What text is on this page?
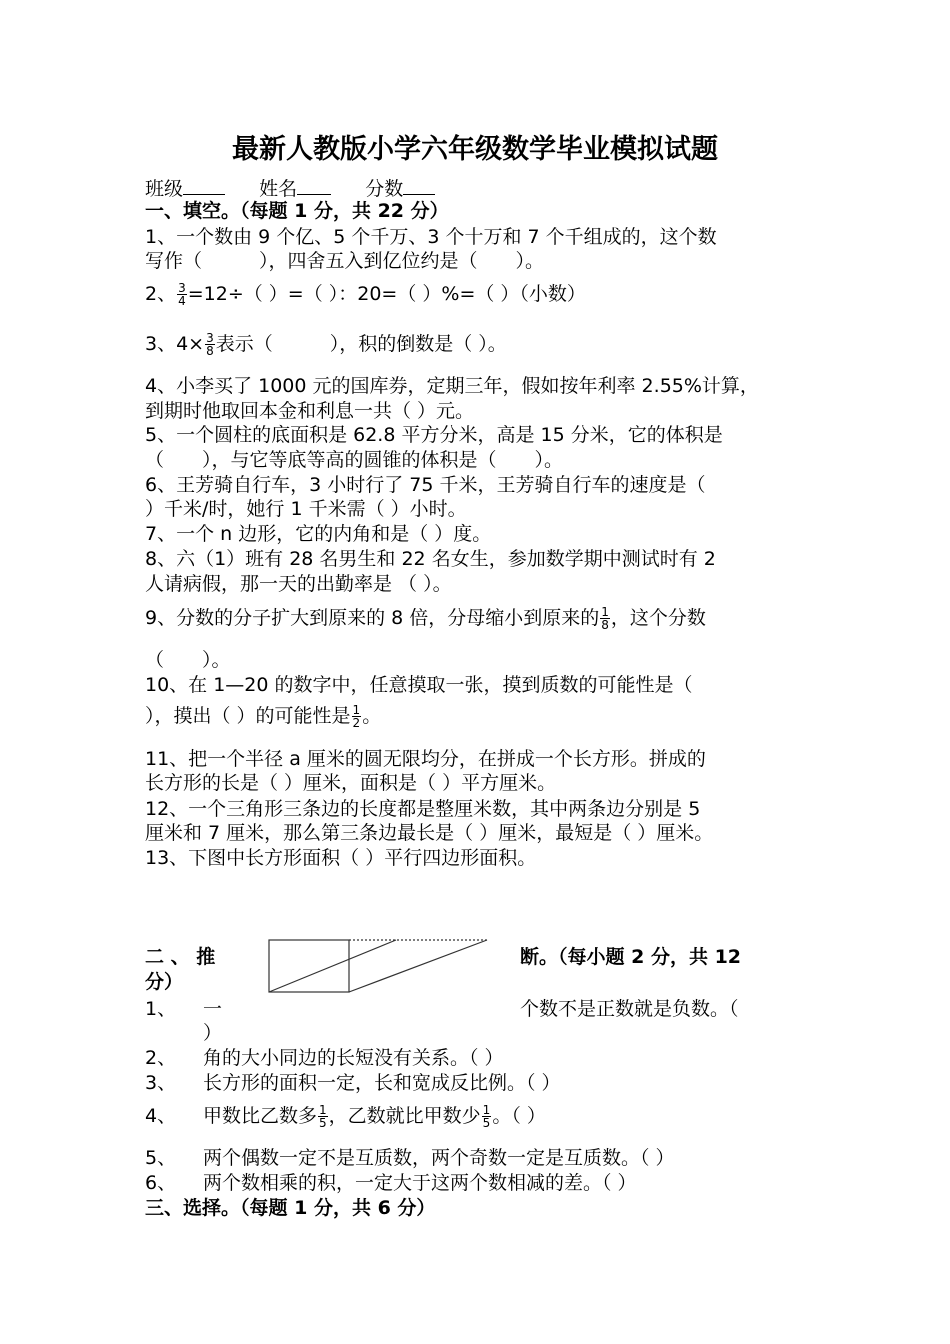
最新人教版小学六年级数学毕业模拟试题
班级	姓名	分数
一、填空。（每题 1 分，共 22 分）
1、一个数由 9 个亿、5 个千万、3 个十万和 7 个千组成的，这个数
写作（　　　），四舍五入到亿位约是（　　）。
2、 $\frac{3}{4} =12\div$（ ）=（ ）：20=（ ）%=（ ）（小数）
3、$4\times \frac{3}{8}$ 表示（　　　），积的倒数是（ ）。
4、小李买了 1000 元的国库券，定期三年，假如按年利率 2.55%计算，
到期时他取回本金和利息一共（ ）元。
5、一个圆柱的底面积是 62.8 平方分米，高是 15 分米，它的体积是
（　　），与它等底等高的圆锥的体积是（　　）。
6、王芳骑自行车，3 小时行了 75 千米，王芳骑自行车的速度是（
）千米/时，她行 1 千米需（ ）小时。
7、一个 n 边形，它的内角和是（ ）度。
8、六（1）班有 28 名男生和 22 名女生，参加数学期中测试时有 2
人请病假，那一天的出勤率是 （ ）。
9、分数的分子扩大到原来的 8 倍，分母缩小到原来的 $\frac{1}{8}$ ，这个分数
（　　）。
10、在 1—20 的数字中，任意摸取一张，摸到质数的可能性是（
），摸出（ ）的可能性是 $\frac{1}{2}$ 。
11、把一个半径 a 厘米的圆无限均分，在拼成一个长方形。拼成的
长方形的长是（ ）厘米，面积是（ ）平方厘米。
12、一个三角形三条边的长度都是整厘米数，其中两条边分别是 5
厘米和 7 厘米，那么第三条边最长是（ ）厘米，最短是（ ）厘米。
13、下图中长方形面积（ ）平行四边形面积。
二 、 推	断。（每小题 2 分，共 12
分）
1、 一	个数不是正数就是负数。（
）
2、 角的大小同边的长短没有关系。（ ）
3、 长方形的面积一定，长和宽成反比例。（ ）
4、 甲数比乙数多 $\frac{1}{5}$ ，乙数就比甲数少 $\frac{1}{5}$ 。（ ）
5、 两个偶数一定不是互质数，两个奇数一定是互质数。（ ）
6、 两个数相乘的积，一定大于这两个数相减的差。（ ）
三、选择。（每题 1 分，共 6 分）
